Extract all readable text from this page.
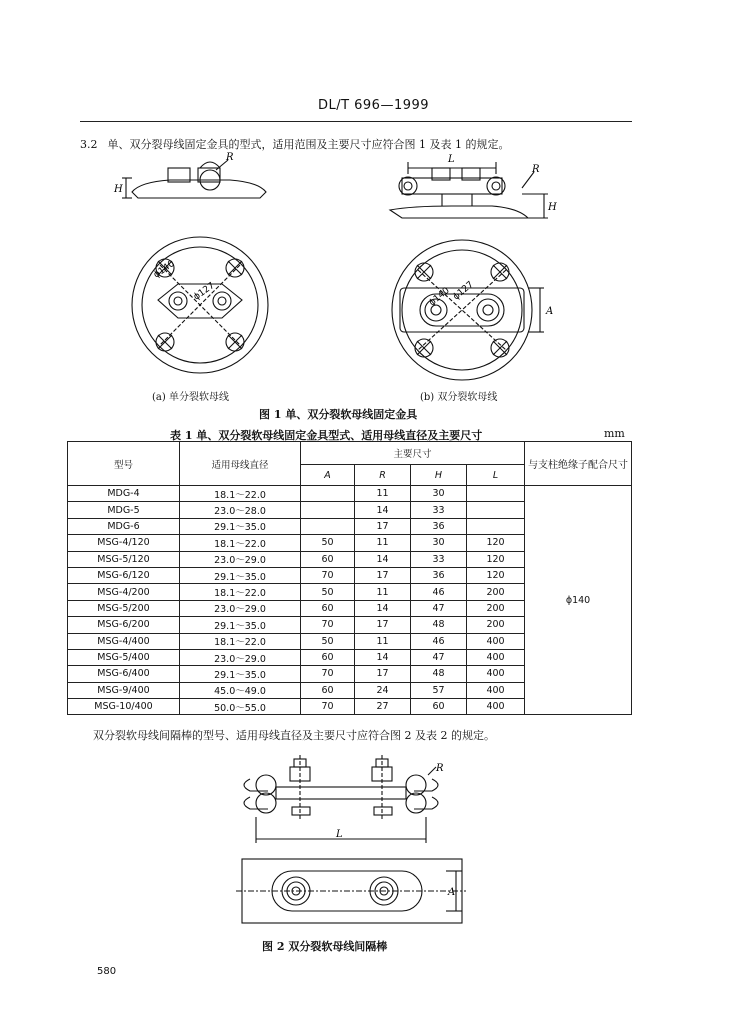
DL/T 696—1999
3.2 单、双分裂母线固定金具的型式，适用范围及主要尺寸应符合图 1 及表 1 的规定。
H
R
ϕ140
ϕ127
L
R
H
A
ϕ140 ϕ127
(a) 单分裂软母线	(b) 双分裂软母线
图 1 单、双分裂软母线固定金具
表 1 单、双分裂软母线固定金具型式、适用母线直径及主要尺寸	mm
型号	适用母线直径	主要尺寸				与支柱绝缘子配合尺寸
		A	R	H	L	
MDG-4	18.1～22.0		11	30		ϕ140
MDG-5	23.0～28.0		14	33		
MDG-6	29.1～35.0		17	36		
MSG-4/120	18.1～22.0	50	11	30	120	
MSG-5/120	23.0～29.0	60	14	33	120	
MSG-6/120	29.1～35.0	70	17	36	120	
MSG-4/200	18.1～22.0	50	11	46	200	
MSG-5/200	23.0～29.0	60	14	47	200	
MSG-6/200	29.1～35.0	70	17	48	200	
MSG-4/400	18.1～22.0	50	11	46	400	
MSG-5/400	23.0～29.0	60	14	47	400	
MSG-6/400	29.1～35.0	70	17	48	400	
MSG-9/400	45.0～49.0	60	24	57	400	
MSG-10/400	50.0～55.0	70	27	60	400	
双分裂软母线间隔棒的型号、适用母线直径及主要尺寸应符合图 2 及表 2 的规定。
R
L
A
图 2 双分裂软母线间隔棒
580
